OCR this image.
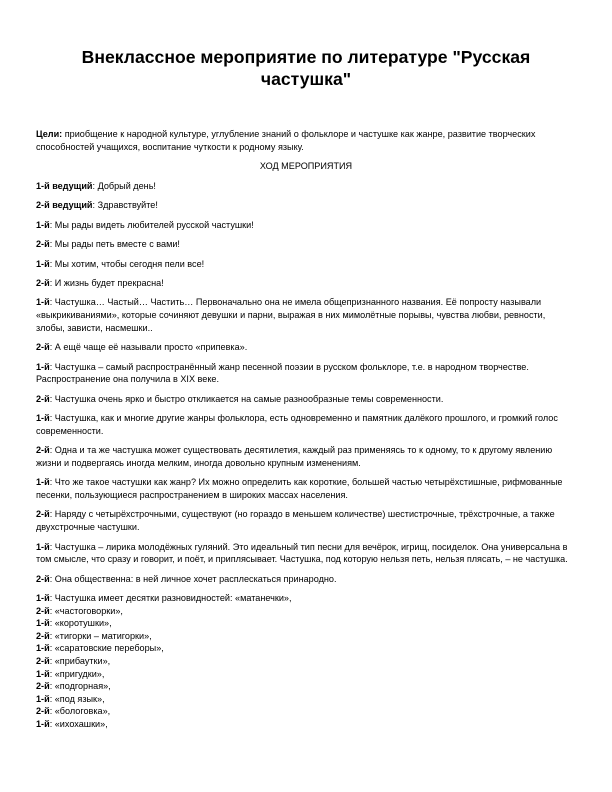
Внеклассное мероприятие по литературе "Русская частушка"

Цели: приобщение к народной культуре, углубление знаний о фольклоре и частушке как жанре, развитие творческих способностей учащихся, воспитание чуткости к родному языку.

ХОД МЕРОПРИЯТИЯ

1-й ведущий: Добрый день!

2-й ведущий: Здравствуйте!

1-й: Мы рады видеть любителей русской частушки!

2-й: Мы рады петь вместе с вами!

1-й: Мы хотим, чтобы сегодня пели все!

2-й: И жизнь будет прекрасна!

1-й: Частушка… Частый… Частить… Первоначально она не имела общепризнанного названия. Её попросту называли «выкрикиваниями», которые сочиняют девушки и парни, выражая в них мимолётные порывы, чувства любви, ревности, злобы, зависти, насмешки..

2-й: А ещё чаще её называли просто «припевка».

1-й: Частушка – самый распространённый жанр песенной поэзии в русском фольклоре, т.е. в народном творчестве. Распространение она получила в XIX веке.

2-й: Частушка очень ярко и быстро откликается на самые разнообразные темы современности.

1-й: Частушка, как и многие другие жанры фольклора, есть одновременно и памятник далёкого прошлого, и громкий голос современности.

2-й: Одна и та же частушка может существовать десятилетия, каждый раз применяясь то к одному, то к другому явлению жизни и подвергаясь иногда мелким, иногда довольно крупным изменениям.

1-й: Что же такое частушки как жанр? Их можно определить как короткие, большей частью четырёхстишные, рифмованные песенки, пользующиеся распространением в широких массах населения.

2-й: Наряду с четырёхстрочными, существуют (но гораздо в меньшем количестве) шестистрочные, трёхстрочные, а также двухстрочные частушки.

1-й: Частушка – лирика молодёжных гуляний. Это идеальный тип песни для вечёрок, игрищ, посиделок. Она универсальна в том смысле, что сразу и говорит, и поёт, и приплясывает. Частушка, под которую нельзя петь, нельзя плясать, – не частушка.

2-й: Она общественна: в ней личное хочет расплескаться принародно.

1-й: Частушка имеет десятки разновидностей: «матанечки»,

2-й: «частоговорки»,

1-й: «коротушки»,

2-й: «тигорки – матигорки»,

1-й: «саратовские переборы»,

2-й: «прибаутки»,

1-й: «пригудки»,

2-й: «подгорная»,

1-й: «под язык»,

2-й: «бологовка»,

1-й: «ихохашки»,
